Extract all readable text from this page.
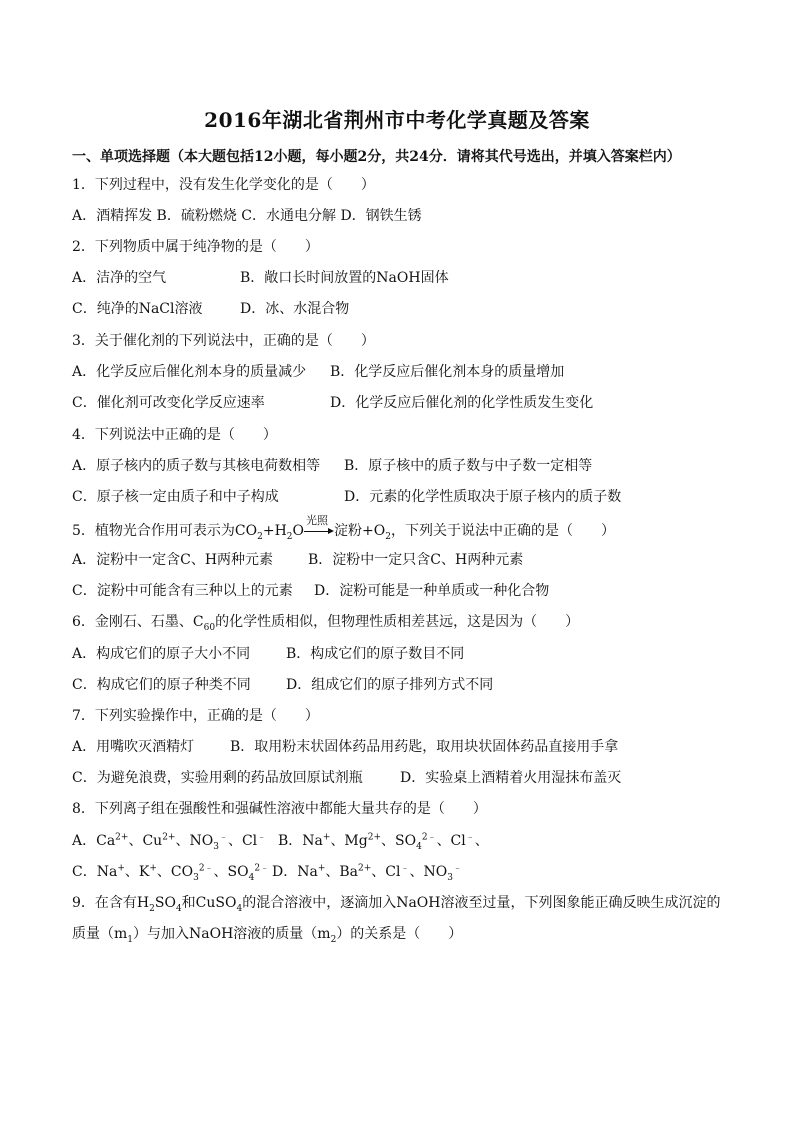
2016年湖北省荆州市中考化学真题及答案
一、单项选择题（本大题包括12小题，每小题2分，共24分．请将其代号选出，并填入答案栏内）
1．下列过程中，没有发生化学变化的是（　　）
A．酒精挥发 B．硫粉燃烧 C．水通电分解 D．钢铁生锈
2．下列物质中属于纯净物的是（　　）
A．洁净的空气	B．敞口长时间放置的NaOH固体
C．纯净的NaCl溶液	D．冰、水混合物
3．关于催化剂的下列说法中，正确的是（　　）
A．化学反应后催化剂本身的质量减少 B．化学反应后催化剂本身的质量增加
C．催化剂可改变化学反应速率	D．化学反应后催化剂的化学性质发生变化
4．下列说法中正确的是（　　）
A．原子核内的质子数与其核电荷数相等 B．原子核中的质子数与中子数一定相等
C．原子核一定由质子和中子构成	D．元素的化学性质取决于原子核内的质子数
5．植物光合作用可表示为$CO_2+H_2O$
光照
淀粉$+O_2$，下列关于说法中正确的是（　　）
A．淀粉中一定含C、H两种元素 B．淀粉中一定只含C、H两种元素
C．淀粉中可能含有三种以上的元素 D．淀粉可能是一种单质或一种化合物
6．金刚石、石墨、$C_{60}$的化学性质相似，但物理性质相差甚远，这是因为（　　）
A．构成它们的原子大小不同	B．构成它们的原子数目不同
C．构成它们的原子种类不同	D．组成它们的原子排列方式不同
7．下列实验操作中，正确的是（　　）
A．用嘴吹灭酒精灯	B．取用粉末状固体药品用药匙，取用块状固体药品直接用手拿
C．为避免浪费，实验用剩的药品放回原试剂瓶	D．实验桌上酒精着火用湿抹布盖灭
8．下列离子组在强酸性和强碱性溶液中都能大量共存的是（　　）
A．$Ca^{2+}$、$Cu^{2+}$、$NO_3^﹣$、Cl﹣ B．Na+、$Mg^{2+}$、$SO_4^{2﹣}$、Cl﹣、
C．Na+、K+、$CO_3^{2﹣}$、$SO_4^{2﹣}$ D．Na+、$Ba^{2+}$、Cl﹣、$NO_3^﹣$
9．在含有$H_2SO_4$和CuSO$_4$的混合溶液中，逐滴加入NaOH溶液至过量，下列图象能正确反映生成沉淀的
质量$(m_1)$与加入NaOH溶液的质量$(m_2)$的关系是（　　）
